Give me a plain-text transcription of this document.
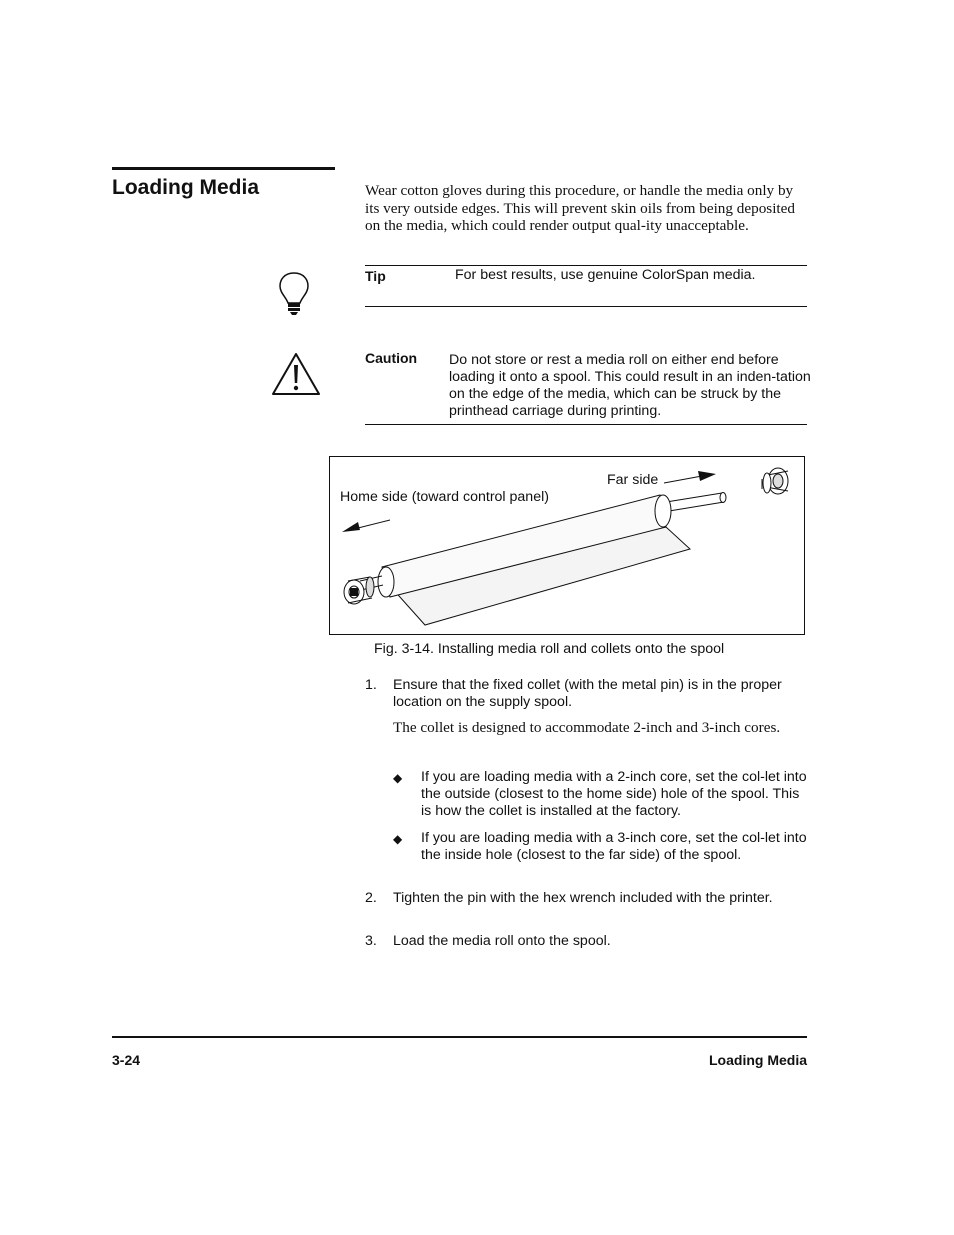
Loading Media	Wear cotton gloves during this procedure, or handle the media only by its very outside edges. This will prevent skin oils from being deposited on the media, which could render output qual-ity unacceptable.

Tip	For best results, use genuine ColorSpan media.
Caution Do not store or rest a media roll on either end before loading it onto a spool. This could result in an inden-tation on the edge of the media, which can be struck by the printhead carriage during printing.

Home side (toward control panel)
Far side
Fig. 3-14. Installing media roll and collets onto the spool
1. Ensure that the fixed collet (with the metal pin) is in the proper location on the supply spool.

The collet is designed to accommodate 2-inch and 3-inch cores.

◆ If you are loading media with a 2-inch core, set the col-let into the outside (closest to the home side) hole of the spool. This is how the collet is installed at the factory.

◆ If you are loading media with a 3-inch core, set the col-let into the inside hole (closest to the far side) of the spool.

2. Tighten the pin with the hex wrench included with the printer.

3. Load the media roll onto the spool.

3-24	Loading Media
